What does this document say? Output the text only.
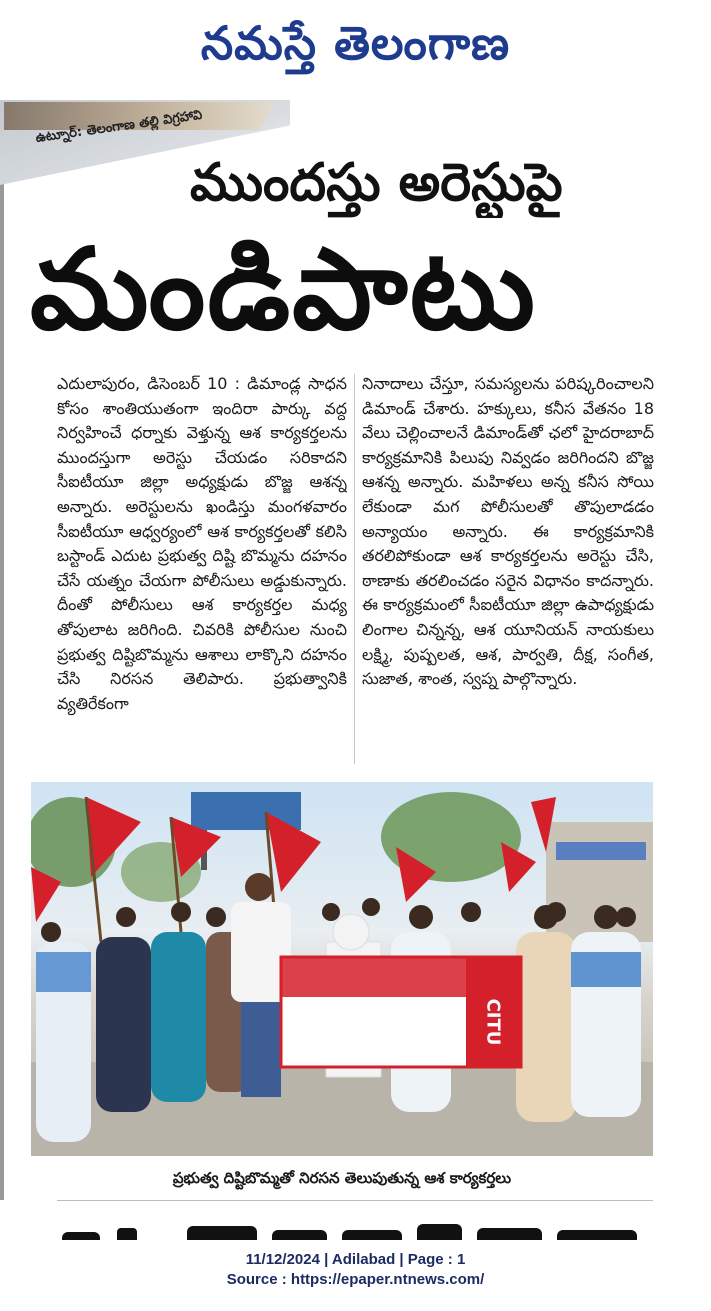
నమస్తే తెలంగాణ
ఉట్నూర్: తెలంగాణ తల్లి విగ్రహావి
ముందస్తు అరెస్టుపై
మండిపాటు
ఎదులాపురం, డిసెంబర్ 10 : డిమాండ్ల సాధన కోసం శాంతియుతంగా ఇందిరా పార్కు వద్ద నిర్వహించే ధర్నాకు వెళ్తున్న ఆశ కార్యకర్తలను ముందస్తుగా అరెస్టు చేయడం సరికాదని సీఐటీయూ జిల్లా అధ్యక్షుడు బొజ్జ ఆశన్న అన్నారు. అరెస్టులను ఖండిస్తు మంగళవారం సీఐటీయూ ఆధ్వర్యంలో ఆశ కార్యకర్తలతో కలిసి బస్టాండ్ ఎదుట ప్రభుత్వ దిష్టి బొమ్మను దహనం చేసే యత్నం చేయగా పోలీసులు అడ్డుకున్నారు. దీంతో పోలీసులు ఆశ కార్యకర్తల మధ్య తోపులాట జరిగింది. చివరికి పోలీసుల నుంచి ప్రభుత్వ దిష్టిబొమ్మను ఆశాలు లాక్కొని దహనం చేసి నిరసన తెలిపారు. ప్రభుత్వానికి వ్యతిరేకంగా
నినాదాలు చేస్తూ, సమస్యలను పరిష్కరించాలని డిమాండ్ చేశారు. హక్కులు, కనీస వేతనం 18 వేలు చెల్లించాలనే డిమాండ్‌తో ఛలో హైదరాబాద్ కార్యక్రమానికి పిలుపు నివ్వడం జరిగిందని బొజ్జ ఆశన్న అన్నారు. మహిళలు అన్న కనీస సోయి లేకుండా మగ పోలీసులతో తొపులాడడం అన్యాయం అన్నారు. ఈ కార్యక్రమానికి తరలిపోకుండా ఆశ కార్యకర్తలను అరెస్టు చేసి, ఠాణాకు తరలించడం సరైన విధానం కాదన్నారు. ఈ కార్యక్రమంలో సీఐటీయూ జిల్లా ఉపాధ్యక్షుడు లింగాల చిన్నన్న, ఆశ యూనియన్ నాయకులు లక్ష్మి, పుష్పలత, ఆశ, పార్వతి, దీక్ష, సంగీత, సుజాత, శాంత, స్వప్న పాల్గొన్నారు.
CITU
ప్రభుత్వ దిష్టిబొమ్మతో నిరసన తెలుపుతున్న ఆశ కార్యకర్తలు
11/12/2024 | Adilabad | Page : 1
Source : https://epaper.ntnews.com/
